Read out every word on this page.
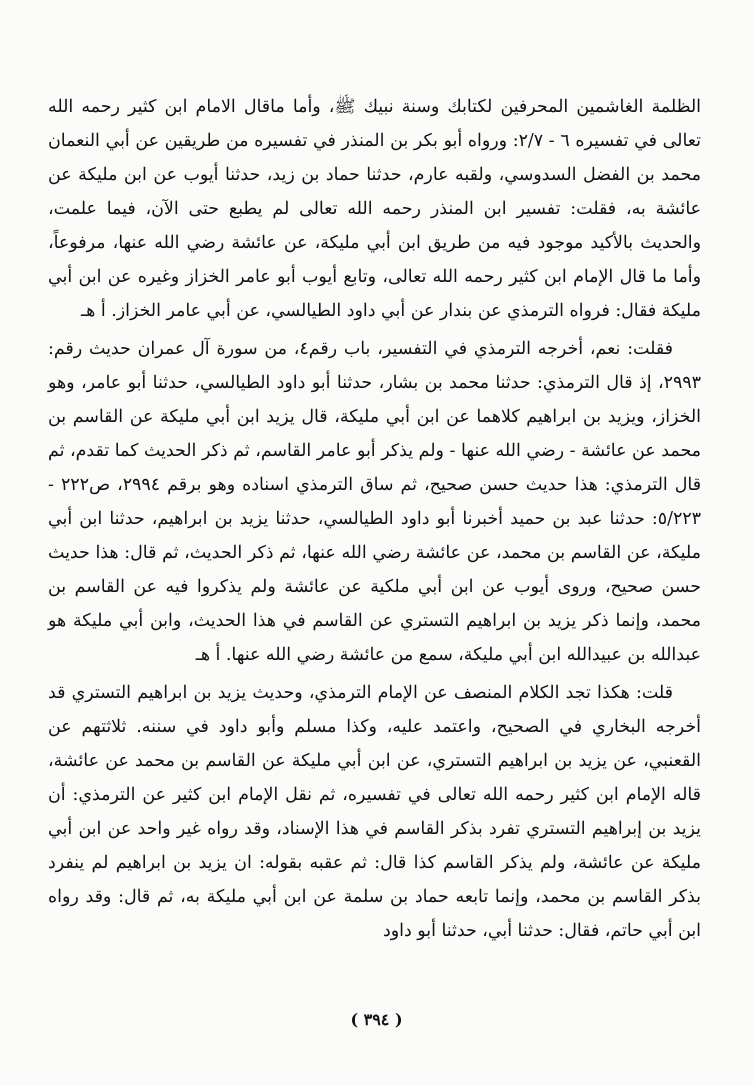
الظلمة الغاشمين المحرفين لكتابك وسنة نبيك ﷺ، وأما ماقال الامام ابن كثير رحمه الله تعالى في تفسيره ٦ - ٢/٧: ورواه أبو بكر بن المنذر في تفسيره من طريقين عن أبي النعمان محمد بن الفضل السدوسي، ولقبه عارم، حدثنا حماد بن زيد، حدثنا أيوب عن ابن مليكة عن عائشة به، فقلت: تفسير ابن المنذر رحمه الله تعالى لم يطبع حتى الآن، فيما علمت، والحديث بالأكيد موجود فيه من طريق ابن أبي مليكة، عن عائشة رضي الله عنها، مرفوعاً، وأما ما قال الإمام ابن كثير رحمه الله تعالى، وتابع أيوب أبو عامر الخزاز وغيره عن ابن أبي مليكة فقال: فرواه الترمذي عن بندار عن أبي داود الطيالسي، عن أبي عامر الخزاز. أ هـ

فقلت: نعم، أخرجه الترمذي في التفسير، باب رقم٤، من سورة آل عمران حديث رقم: ٢٩٩٣، إذ قال الترمذي: حدثنا محمد بن بشار، حدثنا أبو داود الطيالسي، حدثنا أبو عامر، وهو الخزاز، ويزيد بن ابراهيم كلاهما عن ابن أبي مليكة، قال يزيد ابن أبي مليكة عن القاسم بن محمد عن عائشة - رضي الله عنها - ولم يذكر أبو عامر القاسم، ثم ذكر الحديث كما تقدم، ثم قال الترمذي: هذا حديث حسن صحيح، ثم ساق الترمذي اسناده وهو برقم ٢٩٩٤، ص٢٢٢ - ٥/٢٢٣: حدثنا عبد بن حميد أخبرنا أبو داود الطيالسي، حدثنا يزيد بن ابراهيم، حدثنا ابن أبي مليكة، عن القاسم بن محمد، عن عائشة رضي الله عنها، ثم ذكر الحديث، ثم قال: هذا حديث حسن صحيح، وروى أيوب عن ابن أبي ملكية عن عائشة ولم يذكروا فيه عن القاسم بن محمد، وإنما ذكر يزيد بن ابراهيم التستري عن القاسم في هذا الحديث، وابن أبي مليكة هو عبدالله بن عبيدالله ابن أبي مليكة، سمع من عائشة رضي الله عنها. أ هـ

قلت: هكذا تجد الكلام المنصف عن الإمام الترمذي، وحديث يزيد بن ابراهيم التستري قد أخرجه البخاري في الصحيح، واعتمد عليه، وكذا مسلم وأبو داود في سننه. ثلاثتهم عن القعنبي، عن يزيد بن ابراهيم التستري، عن ابن أبي مليكة عن القاسم بن محمد عن عائشة، قاله الإمام ابن كثير رحمه الله تعالى في تفسيره، ثم نقل الإمام ابن كثير عن الترمذي: أن يزيد بن إبراهيم التستري تفرد بذكر القاسم في هذا الإسناد، وقد رواه غير واحد عن ابن أبي مليكة عن عائشة، ولم يذكر القاسم كذا قال: ثم عقبه بقوله: ان يزيد بن ابراهيم لم ينفرد بذكر القاسم بن محمد، وإنما تابعه حماد بن سلمة عن ابن أبي مليكة به، ثم قال: وقد رواه ابن أبي حاتم، فقال: حدثنا أبي، حدثنا أبو داود

( ٣٩٤ )
